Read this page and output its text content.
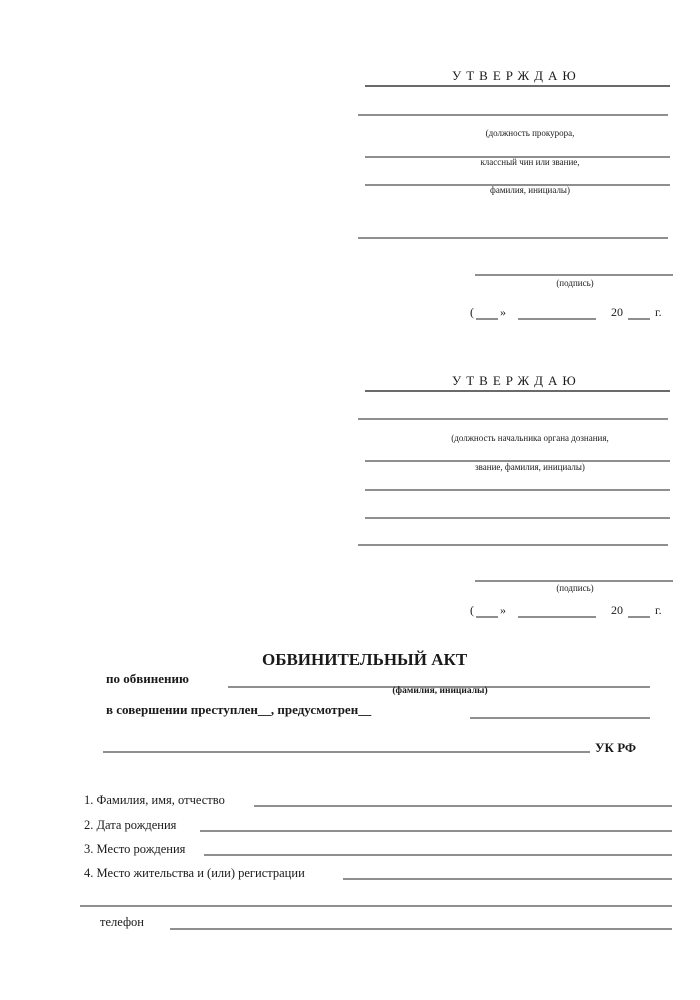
УТВЕРЖДАЮ
(должность прокурора,
классный чин или звание,
фамилия, инициалы)
(подпись)
( »	20	г.
УТВЕРЖДАЮ
(должность начальника органа дознания,
звание, фамилия, инициалы)
(подпись)
( »	20	г.
ОБВИНИТЕЛЬНЫЙ АКТ
по обвинению
(фамилия, инициалы)
в совершении преступлен__, предусмотрен__
УК РФ
1. Фамилия, имя, отчество
2. Дата рождения
3. Место рождения
4. Место жительства и (или) регистрации
телефон
